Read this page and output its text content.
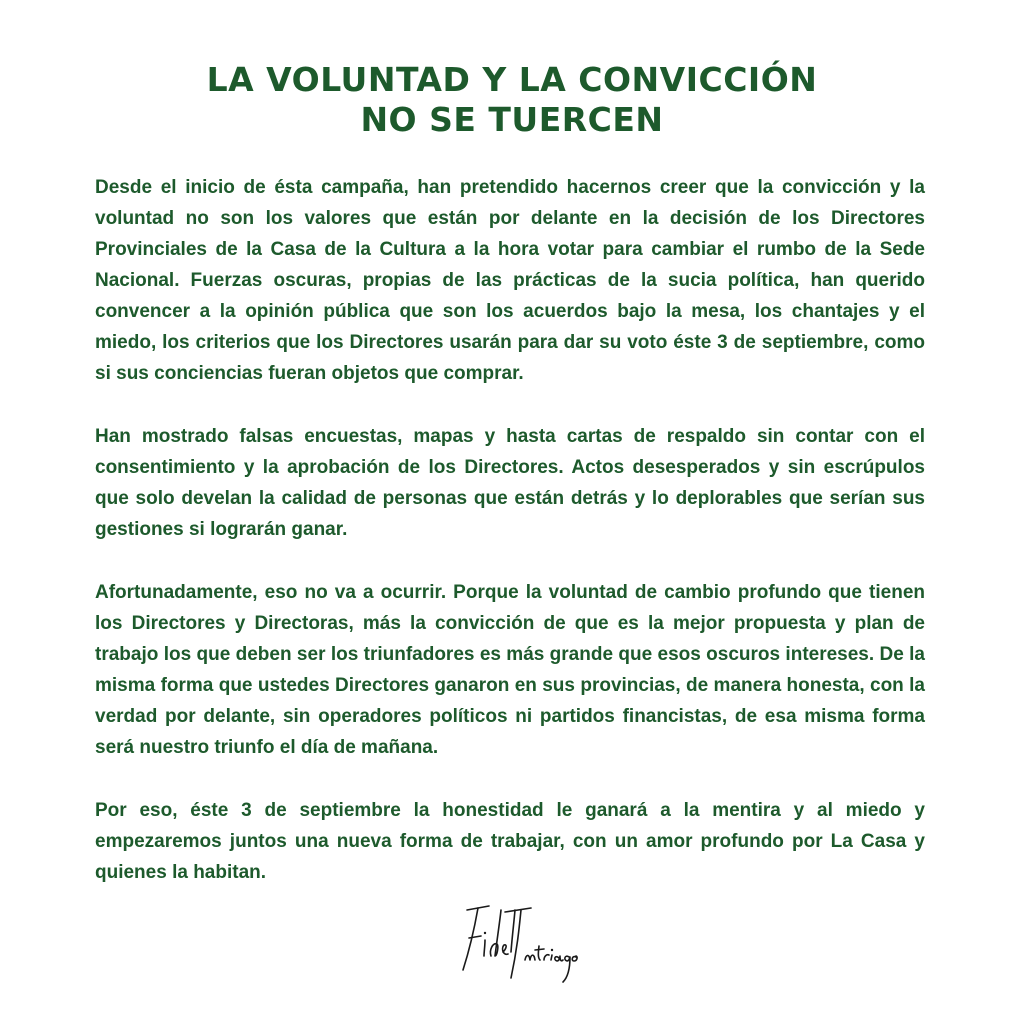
LA VOLUNTAD Y LA CONVICCIÓN
NO SE TUERCEN

Desde el inicio de ésta campaña, han pretendido hacernos creer que la convicción y la voluntad no son los valores que están por delante en la decisión de los Directores Provinciales de la Casa de la Cultura a la hora votar para cambiar el rumbo de la Sede Nacional. Fuerzas oscuras, propias de las prácticas de la sucia política, han querido convencer a la opinión pública que son los acuerdos bajo la mesa, los chantajes y el miedo, los criterios que los Directores usarán para dar su voto éste 3 de septiembre, como si sus conciencias fueran objetos que comprar.

Han mostrado falsas encuestas, mapas y hasta cartas de respaldo sin contar con el consentimiento y la aprobación de los Directores. Actos desesperados y sin escrúpulos que solo develan la calidad de personas que están detrás y lo deplorables que serían sus gestiones si lograrán ganar.

Afortunadamente, eso no va a ocurrir. Porque la voluntad de cambio profundo que tienen los Directores y Directoras, más la convicción de que es la mejor propuesta y plan de trabajo los que deben ser los triunfadores es más grande que esos oscuros intereses. De la misma forma que ustedes Directores ganaron en sus provincias, de manera honesta, con la verdad por delante, sin operadores políticos ni partidos financistas, de esa misma forma será nuestro triunfo el día de mañana.

Por eso, éste 3 de septiembre la honestidad le ganará a la mentira y al miedo y empezaremos juntos una nueva forma de trabajar, con un amor profundo por La Casa y quienes la habitan.
